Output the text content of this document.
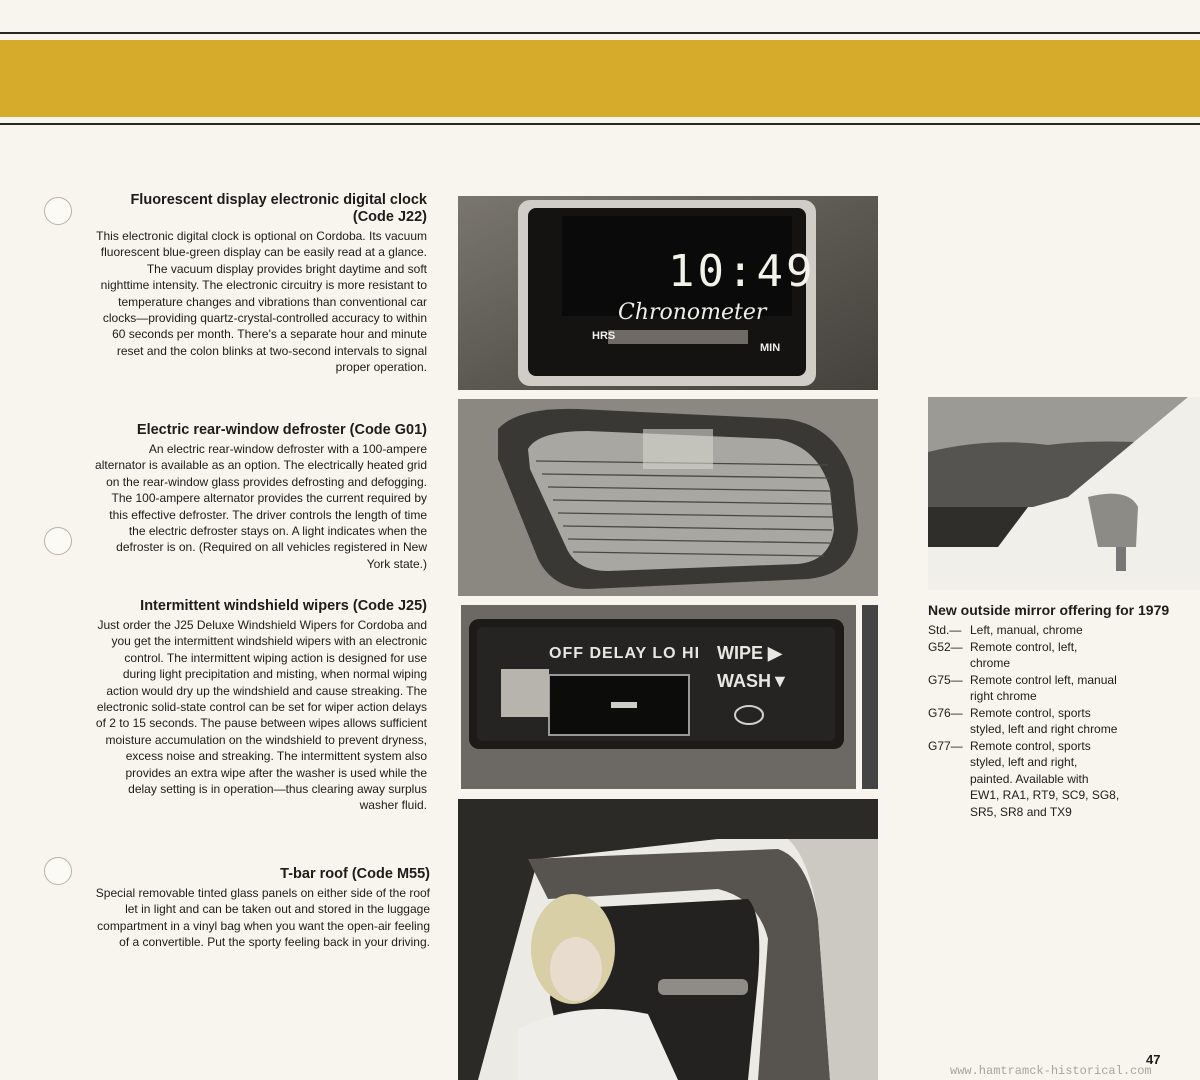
Fluorescent display electronic digital clock (Code J22)

This electronic digital clock is optional on Cordoba. Its vacuum fluorescent blue-green display can be easily read at a glance. The vacuum display provides bright daytime and soft nighttime intensity. The electronic circuitry is more resistant to temperature changes and vibrations than conventional car clocks—providing quartz-crystal-controlled accuracy to within 60 seconds per month. There's a separate hour and minute reset and the colon blinks at two-second intervals to signal proper operation.

Electric rear-window defroster (Code G01)

An electric rear-window defroster with a 100-ampere alternator is available as an option. The electrically heated grid on the rear-window glass provides defrosting and defogging. The 100-ampere alternator provides the current required by this effective defroster. The driver controls the length of time the electric defroster stays on. A light indicates when the defroster is on. (Required on all vehicles registered in New York state.)

Intermittent windshield wipers (Code J25)

Just order the J25 Deluxe Windshield Wipers for Cordoba and you get the intermittent windshield wipers with an electronic control. The intermittent wiping action is designed for use during light precipitation and misting, when normal wiping action would dry up the windshield and cause streaking. The electronic solid-state control can be set for wiper action delays of 2 to 15 seconds. The pause between wipes allows sufficient moisture accumulation on the windshield to prevent dryness, excess noise and streaking. The intermittent system also provides an extra wipe after the washer is used while the delay setting is in operation—thus clearing away surplus washer fluid.

T-bar roof (Code M55)

Special removable tinted glass panels on either side of the roof let in light and can be taken out and stored in the luggage compartment in a vinyl bag when you want the open-air feeling of a convertible. Put the sporty feeling back in your driving.

10:49
Chronometer
HRS
MIN
OFF DELAY LO HI WIPE ▶
WASH▼
New outside mirror offering for 1979
Std.— Left, manual, chrome
G52— Remote control, left, chrome
G75— Remote control left, manual right chrome
G76— Remote control, sports styled, left and right chrome
G77— Remote control, sports styled, left and right, painted. Available with EW1, RA1, RT9, SC9, SG8, SR5, SR8 and TX9
47
www.hamtramck-historical.com
